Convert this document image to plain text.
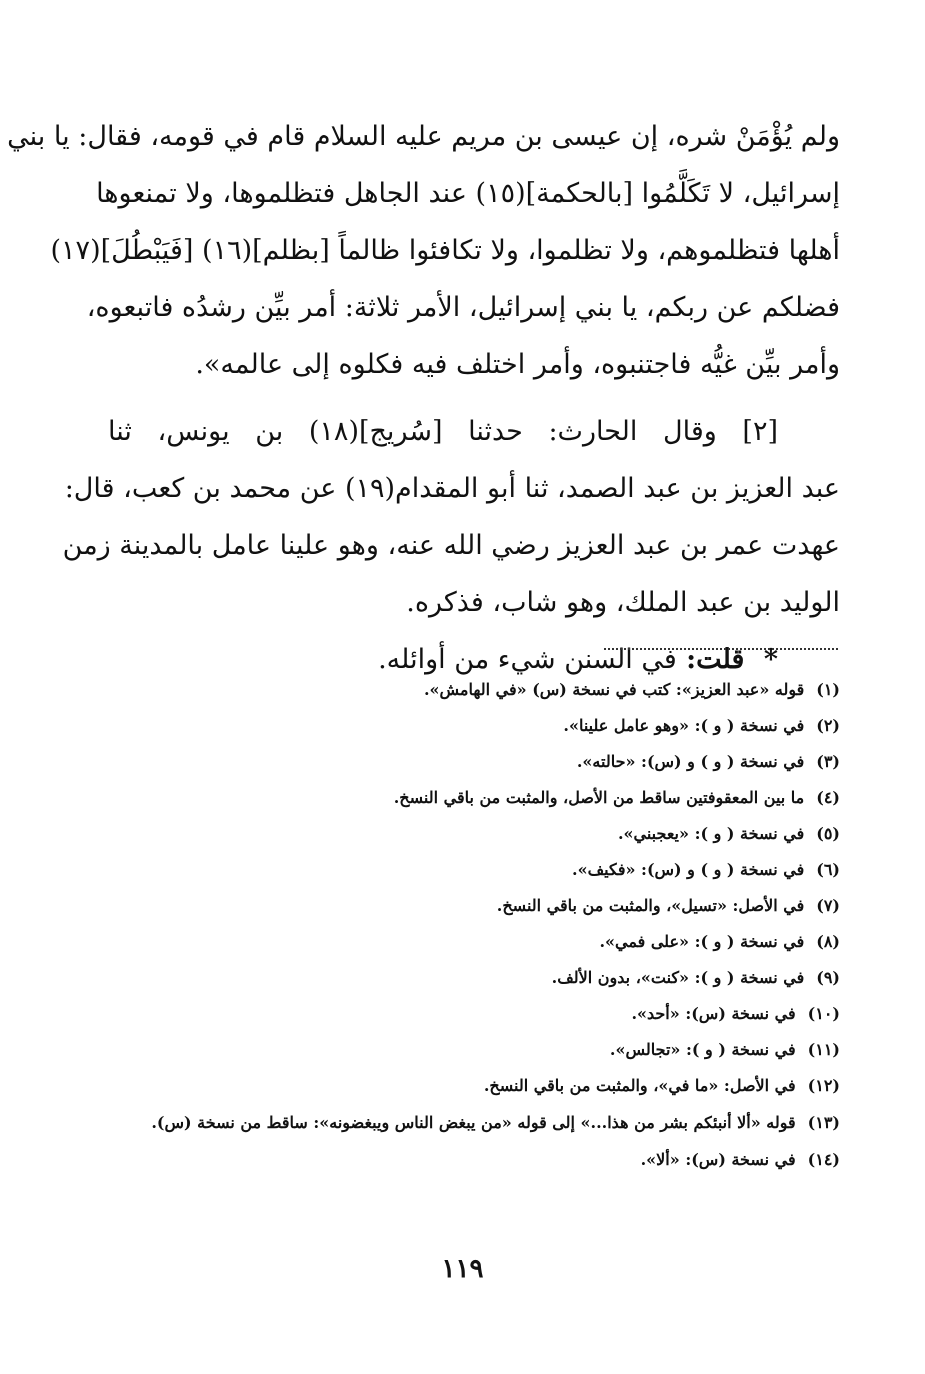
ولم يُؤْمَنْ شره، إن عيسى بن مريم عليه السلام قام في قومه، فقال: يا بني
إسرائيل، لا تَكَلَّمُوا [بالحكمة](١٥) عند الجاهل فتظلموها، ولا تمنعوها
أهلها فتظلموهم، ولا تظلموا، ولا تكافئوا ظالماً [بظلم](١٦) [فَيَبْطُلَ](١٧)
فضلكم عن ربكم، يا بني إسرائيل، الأمر ثلاثة: أمر بيِّن رشدُه فاتبعوه،
وأمر بيِّن غيُّه فاجتنبوه، وأمر اختلف فيه فكلوه إلى عالمه».
[٢] وقال الحارث: حدثنا [سُريج](١٨) بن يونس، ثنا
عبد العزيز بن عبد الصمد، ثنا أبو المقدام(١٩) عن محمد بن كعب، قال:
عهدت عمر بن عبد العزيز رضي الله عنه، وهو علينا عامل بالمدينة زمن
الوليد بن عبد الملك، وهو شاب، فذكره.
* قلت: في السنن شيء من أوائله.
(١)قوله «عبد العزيز»: كتب في نسخة (س) «في الهامش».
(٢)في نسخة ( و ): «وهو عامل علينا».
(٣)في نسخة ( و ) و (س): «حالته».
(٤)ما بين المعقوفتين ساقط من الأصل، والمثبت من باقي النسخ.
(٥)في نسخة ( و ): «يعجبني».
(٦)في نسخة ( و ) و (س): «فكيف».
(٧)في الأصل: «تسيل»، والمثبت من باقي النسخ.
(٨)في نسخة ( و ): «على فمي».
(٩)في نسخة ( و ): «كنت»، بدون الألف.
(١٠)في نسخة (س): «أحد».
(١١)في نسخة ( و ): «تجالس».
(١٢)في الأصل: «ما في»، والمثبت من باقي النسخ.
(١٣)قوله «ألا أنبئكم بشر من هذا...» إلى قوله «من يبغض الناس ويبغضونه»: ساقط من نسخة (س).
(١٤)في نسخة (س): «ألا».
١١٩
